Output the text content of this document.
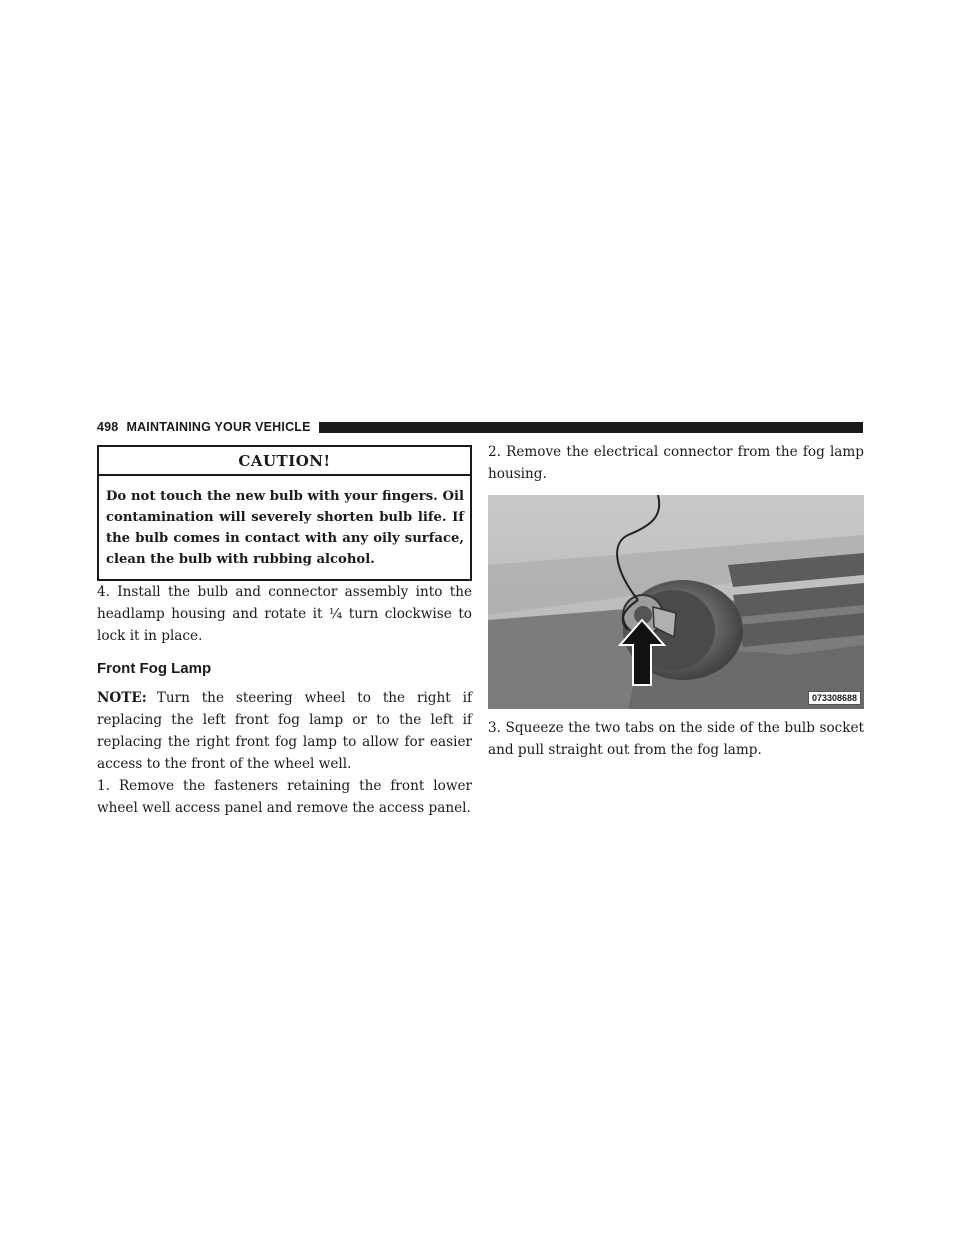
498 MAINTAINING YOUR VEHICLE
CAUTION!

Do not touch the new bulb with your fingers. Oil contamination will severely shorten bulb life. If the bulb comes in contact with any oily surface, clean the bulb with rubbing alcohol.

4. Install the bulb and connector assembly into the headlamp housing and rotate it ¼ turn clockwise to lock it in place.

Front Fog Lamp

NOTE: Turn the steering wheel to the right if replacing the left front fog lamp or to the left if replacing the right front fog lamp to allow for easier access to the front of the wheel well.

1. Remove the fasteners retaining the front lower wheel well access panel and remove the access panel.

2. Remove the electrical connector from the fog lamp housing.

073308688

3. Squeeze the two tabs on the side of the bulb socket and pull straight out from the fog lamp.
